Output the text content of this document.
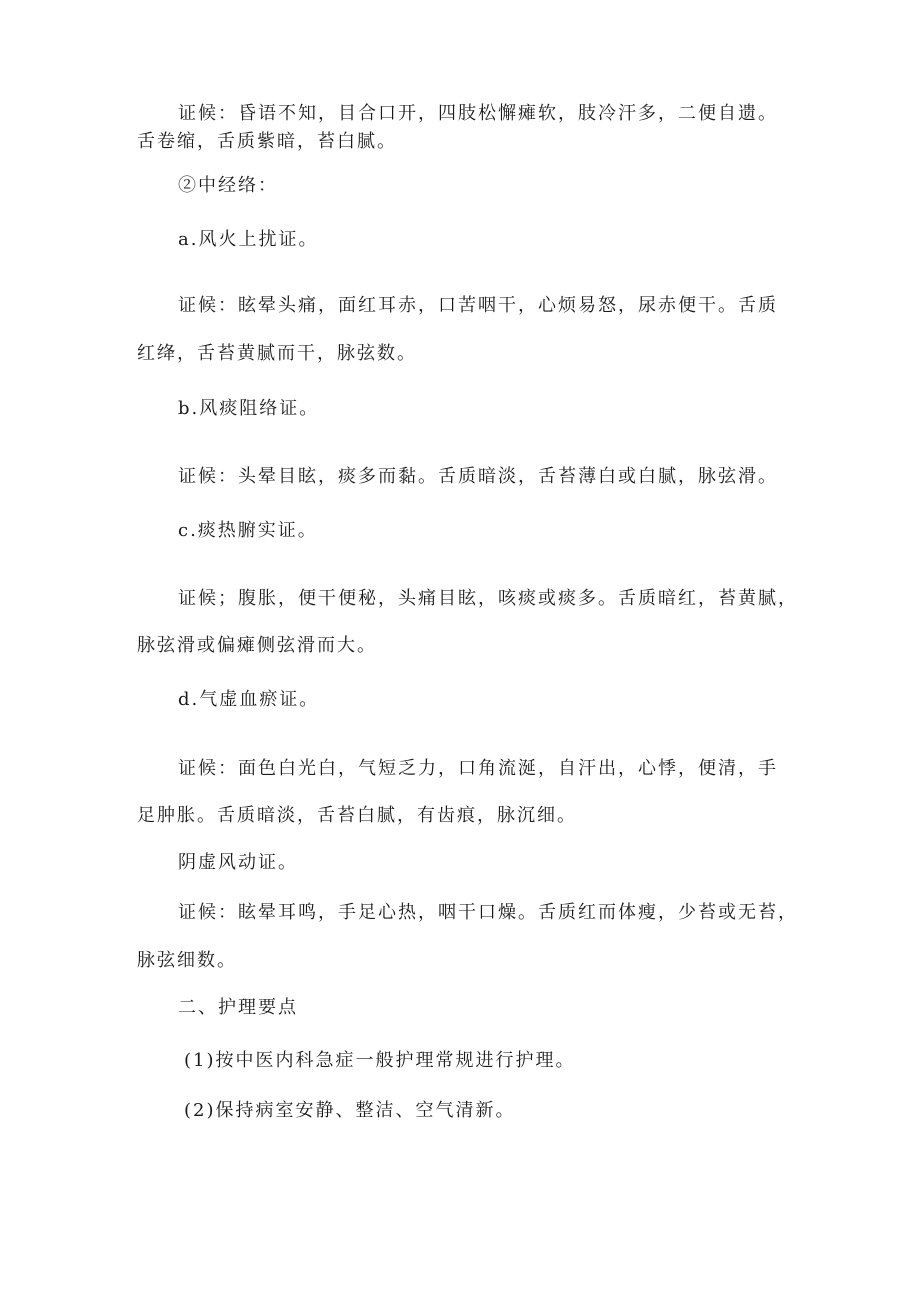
证候：昏语不知，目合口开，四肢松懈瘫软，肢冷汗多，二便自遗。
舌卷缩，舌质紫暗，苔白腻。
②中经络：
a.风火上扰证。
证候：眩晕头痛，面红耳赤，口苦咽干，心烦易怒，尿赤便干。舌质
红绛，舌苔黄腻而干，脉弦数。
b.风痰阻络证。
证候：头晕目眩，痰多而黏。舌质暗淡，舌苔薄白或白腻，脉弦滑。
c.痰热腑实证。
证候；腹胀，便干便秘，头痛目眩，咳痰或痰多。舌质暗红，苔黄腻，
脉弦滑或偏瘫侧弦滑而大。
d.气虚血瘀证。
证候：面色白光白，气短乏力，口角流涎，自汗出，心悸，便清，手
足肿胀。舌质暗淡，舌苔白腻，有齿痕，脉沉细。
阴虚风动证。
证候：眩晕耳鸣，手足心热，咽干口燥。舌质红而体瘦，少苔或无苔，
脉弦细数。
二、护理要点
(1)按中医内科急症一般护理常规进行护理。
(2)保持病室安静、整洁、空气清新。
